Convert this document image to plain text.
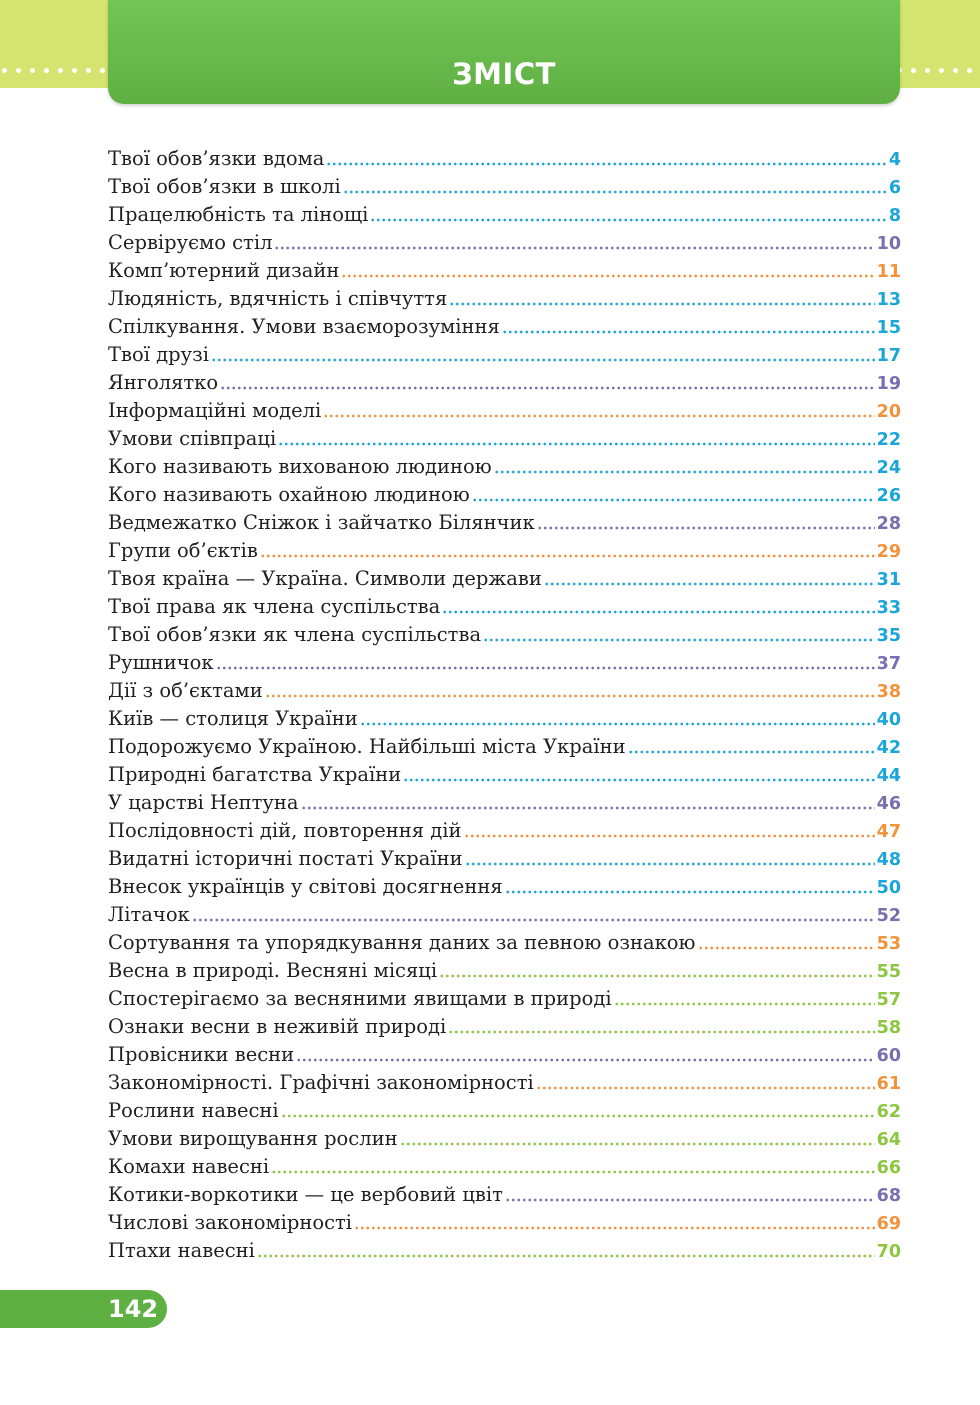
ЗМІСТ
Твої обов’язки вдома	4
Твої обов’язки в школі	6
Працелюбність та лінощі	8
Сервіруємо стіл	10
Комп’ютерний дизайн	11
Людяність, вдячність і співчуття	13
Спілкування. Умови взаєморозуміння	15
Твої друзі	17
Янголятко	19
Інформаційні моделі	20
Умови співпраці	22
Кого називають вихованою людиною	24
Кого називають охайною людиною	26
Ведмежатко Сніжок і зайчатко Білянчик	28
Групи об’єктів	29
Твоя країна — Україна. Символи держави	31
Твої права як члена суспільства	33
Твої обов’язки як члена суспільства	35
Рушничок	37
Дії з об’єктами	38
Київ — столиця України	40
Подорожуємо Україною. Найбільші міста України	42
Природні багатства України	44
У царстві Нептуна	46
Послідовності дій, повторення дій	47
Видатні історичні постаті України	48
Внесок українців у світові досягнення	50
Літачок	52
Сортування та упорядкування даних за певною ознакою	53
Весна в природі. Весняні місяці	55
Спостерігаємо за весняними явищами в природі	57
Ознаки весни в неживій природі	58
Провісники весни	60
Закономірності. Графічні закономірності	61
Рослини навесні	62
Умови вирощування рослин	64
Комахи навесні	66
Котики-воркотики — це вербовий цвіт	68
Числові закономірності	69
Птахи навесні	70
142
